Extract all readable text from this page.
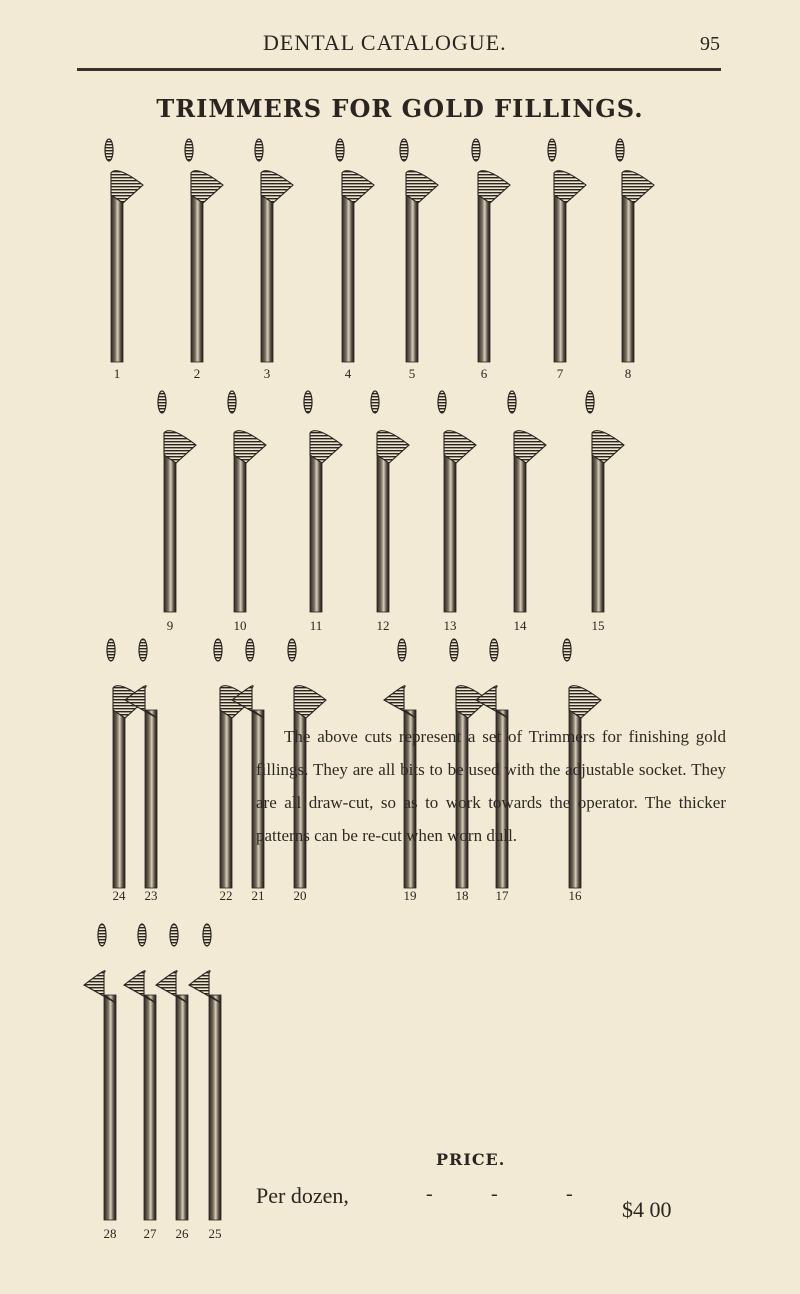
DENTAL CATALOGUE.	95
TRIMMERS FOR GOLD FILLINGS.
1	2	3	4	5	6	7	8
9	10	11	12	13	14	15
24 23	22 21 20	19	18 17	16
28 27 26 25
The above cuts represent a set of Trimmers for finishing gold fillings. They are all bits to be used with the adjustable socket. They are all draw-cut, so as to work towards the operator. The thicker patterns can be re-cut when worn dull.
PRICE.
Per dozen,	-	-	-
$4 00
